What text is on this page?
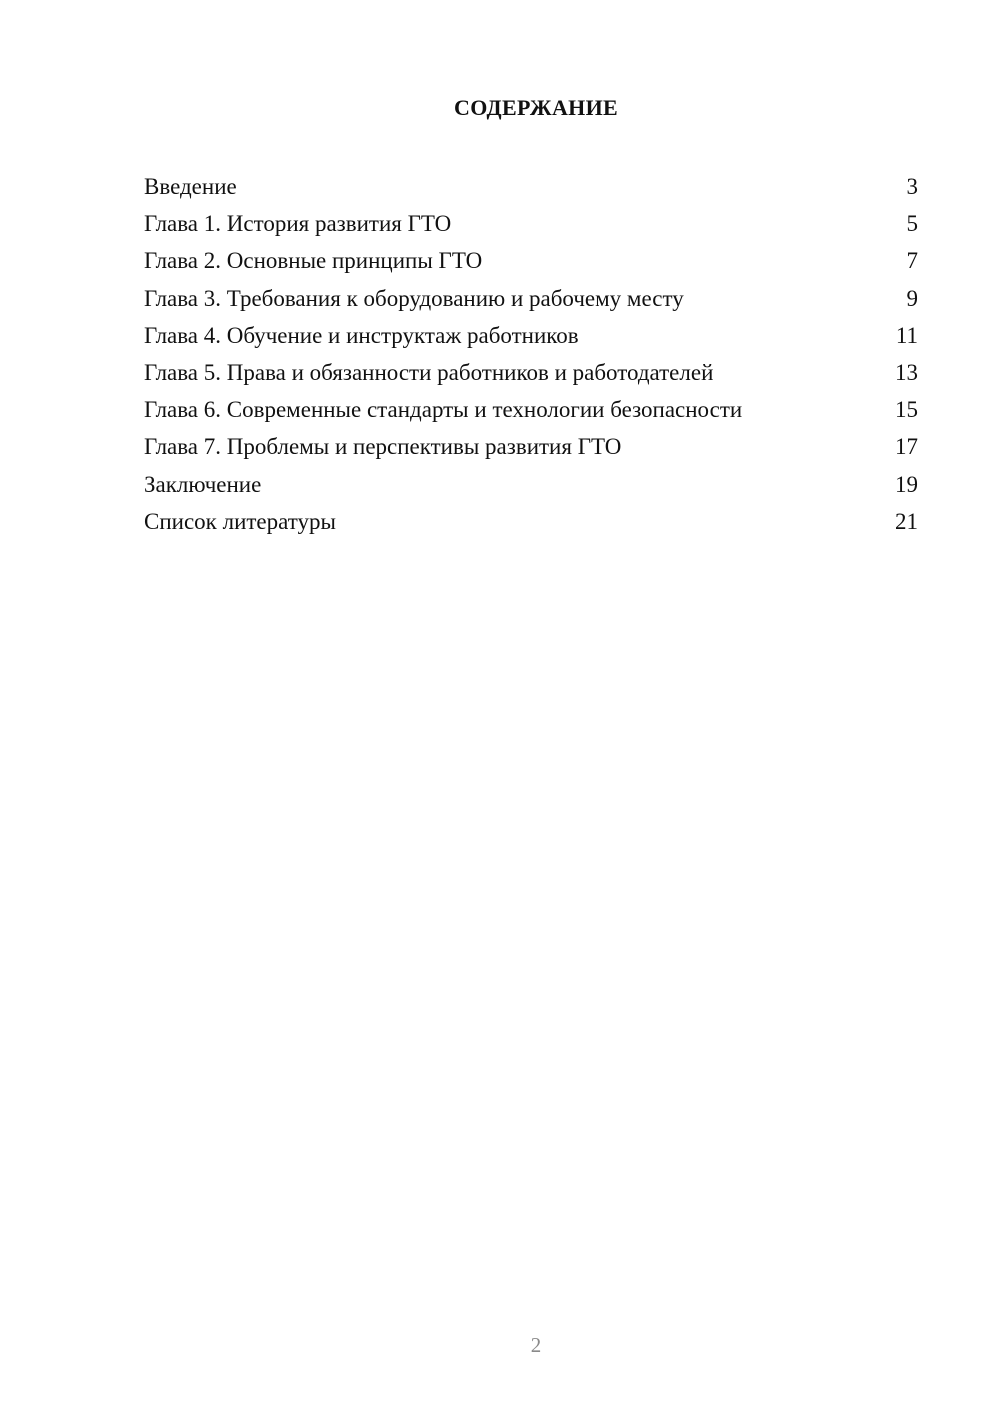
СОДЕРЖАНИЕ
Введение	3
Глава 1. История развития ГТО	5
Глава 2. Основные принципы ГТО	7
Глава 3. Требования к оборудованию и рабочему месту	9
Глава 4. Обучение и инструктаж работников	11
Глава 5. Права и обязанности работников и работодателей	13
Глава 6. Современные стандарты и технологии безопасности	15
Глава 7. Проблемы и перспективы развития ГТО	17
Заключение	19
Список литературы	21
2
